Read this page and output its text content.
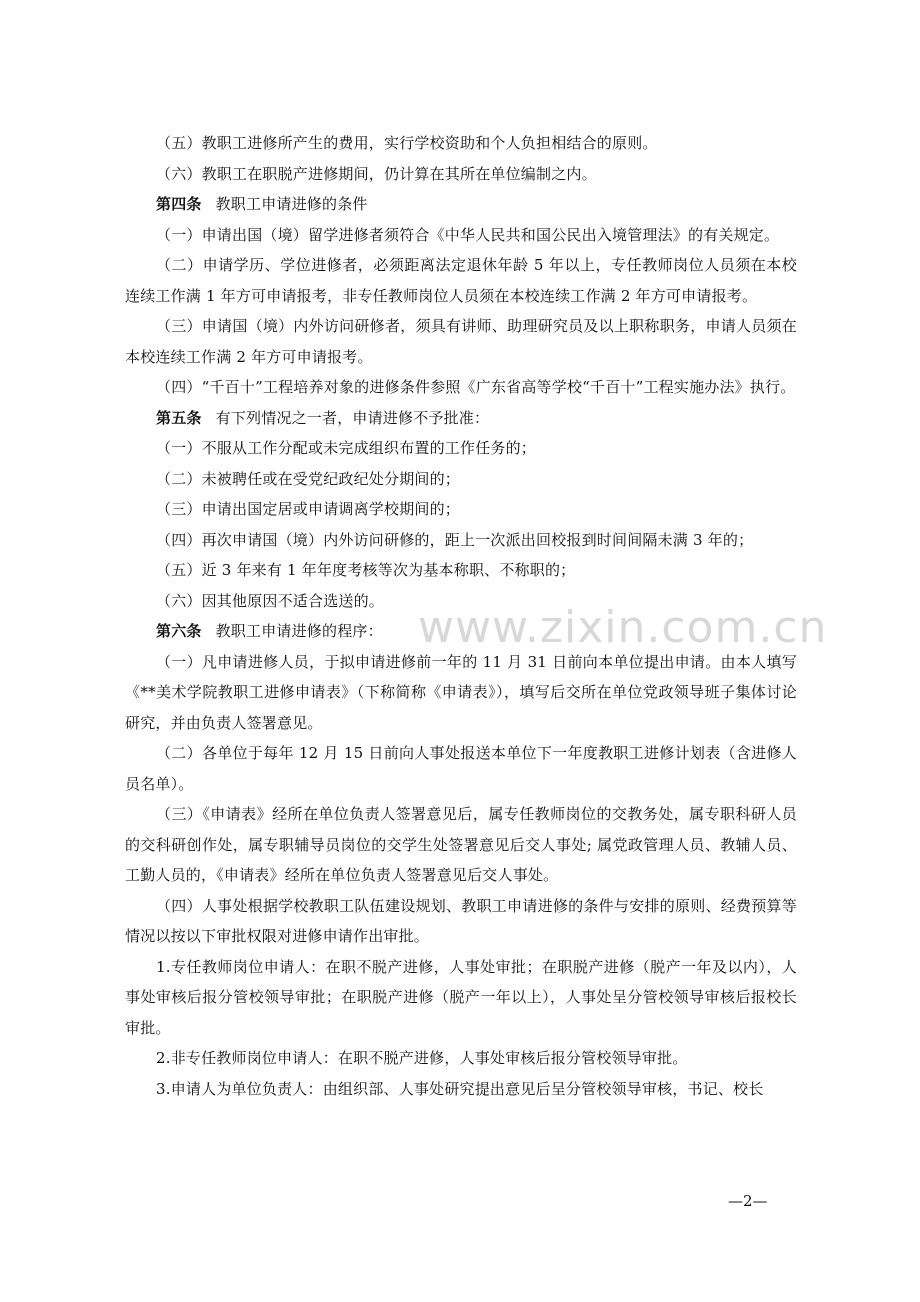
（五）教职工进修所产生的费用，实行学校资助和个人负担相结合的原则。

（六）教职工在职脱产进修期间，仍计算在其所在单位编制之内。

第四条 教职工申请进修的条件

（一）申请出国（境）留学进修者须符合《中华人民共和国公民出入境管理法》的有关规定。

（二）申请学历、学位进修者，必须距离法定退休年龄 5 年以上，专任教师岗位人员须在本校连续工作满 1 年方可申请报考，非专任教师岗位人员须在本校连续工作满 2 年方可申请报考。

（三）申请国（境）内外访问研修者，须具有讲师、助理研究员及以上职称职务，申请人员须在本校连续工作满 2 年方可申请报考。

（四）“千百十”工程培养对象的进修条件参照《广东省高等学校“千百十”工程实施办法》执行。

第五条 有下列情况之一者，申请进修不予批准：

（一）不服从工作分配或未完成组织布置的工作任务的；

（二）未被聘任或在受党纪政纪处分期间的；

（三）申请出国定居或申请调离学校期间的；

（四）再次申请国（境）内外访问研修的，距上一次派出回校报到时间间隔未满 3 年的；

（五）近 3 年来有 1 年年度考核等次为基本称职、不称职的；

（六）因其他原因不适合选送的。

第六条 教职工申请进修的程序：

（一）凡申请进修人员，于拟申请进修前一年的 11 月 31 日前向本单位提出申请。由本人填写《**美术学院教职工进修申请表》（下称简称《申请表》），填写后交所在单位党政领导班子集体讨论研究，并由负责人签署意见。

（二）各单位于每年 12 月 15 日前向人事处报送本单位下一年度教职工进修计划表（含进修人员名单）。

（三）《申请表》经所在单位负责人签署意见后，属专任教师岗位的交教务处，属专职科研人员的交科研创作处，属专职辅导员岗位的交学生处签署意见后交人事处; 属党政管理人员、教辅人员、工勤人员的，《申请表》经所在单位负责人签署意见后交人事处。

（四）人事处根据学校教职工队伍建设规划、教职工申请进修的条件与安排的原则、经费预算等情况以按以下审批权限对进修申请作出审批。

1.专任教师岗位申请人：在职不脱产进修，人事处审批；在职脱产进修（脱产一年及以内），人事处审核后报分管校领导审批；在职脱产进修（脱产一年以上），人事处呈分管校领导审核后报校长审批。

2.非专任教师岗位申请人：在职不脱产进修，人事处审核后报分管校领导审批。

3.申请人为单位负责人：由组织部、人事处研究提出意见后呈分管校领导审核，书记、校长

www.zixin.com.cn
—2—
